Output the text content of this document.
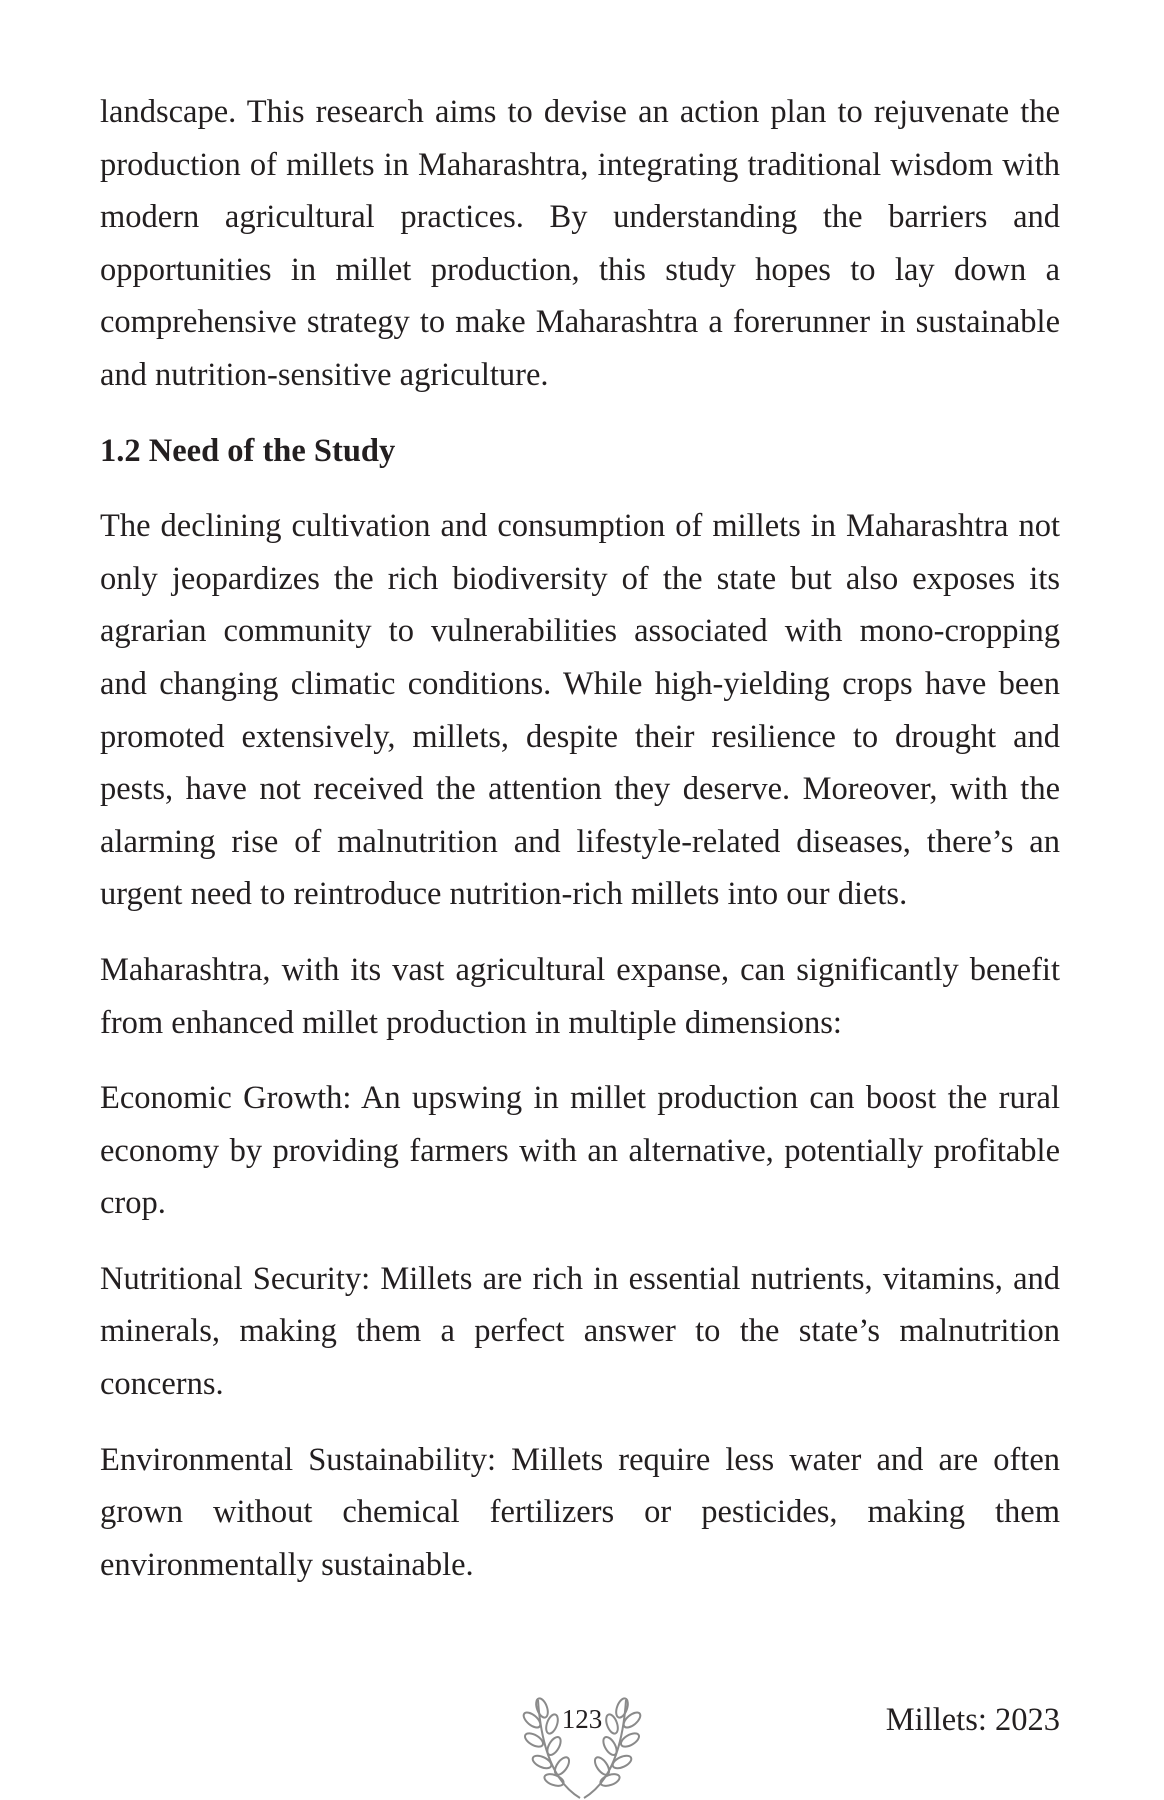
landscape. This research aims to devise an action plan to rejuvenate the production of millets in Maharashtra, integrating traditional wisdom with modern agricultural practices. By understanding the barriers and opportunities in millet production, this study hopes to lay down a comprehensive strategy to make Maharashtra a forerunner in sustainable and nutrition-sensitive agriculture.

1.2 Need of the Study

The declining cultivation and consumption of millets in Maharashtra not only jeopardizes the rich biodiversity of the state but also exposes its agrarian community to vulnerabilities associated with mono-cropping and changing climatic conditions. While high-yielding crops have been promoted extensively, millets, despite their resilience to drought and pests, have not received the attention they deserve. Moreover, with the alarming rise of malnutrition and lifestyle-related diseases, there’s an urgent need to reintroduce nutrition-rich millets into our diets.

Maharashtra, with its vast agricultural expanse, can significantly benefit from enhanced millet production in multiple dimensions:

Economic Growth: An upswing in millet production can boost the rural economy by providing farmers with an alternative, potentially profitable crop.

Nutritional Security: Millets are rich in essential nutrients, vitamins, and minerals, making them a perfect answer to the state’s malnutrition concerns.

Environmental Sustainability: Millets require less water and are often grown without chemical fertilizers or pesticides, making them environmentally sustainable.

123	Millets: 2023
